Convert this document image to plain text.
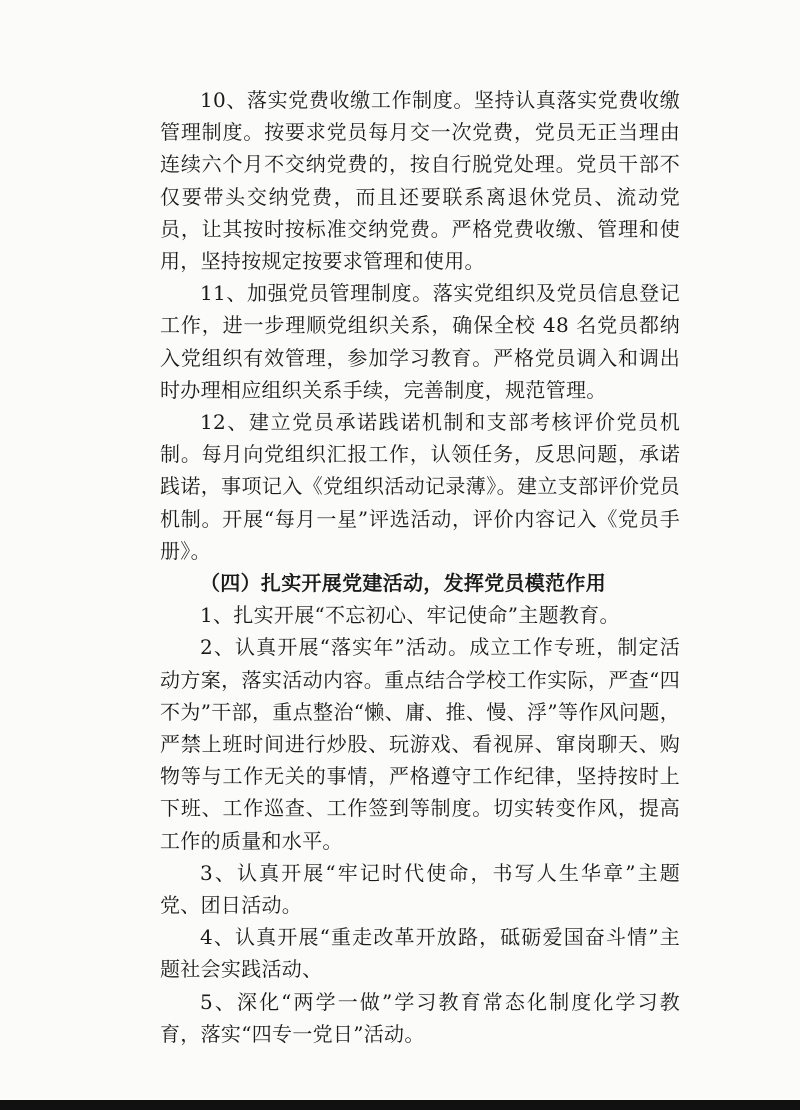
10、落实党费收缴工作制度。坚持认真落实党费收缴管理制度。按要求党员每月交一次党费，党员无正当理由连续六个月不交纳党费的，按自行脱党处理。党员干部不仅要带头交纳党费，而且还要联系离退休党员、流动党员，让其按时按标准交纳党费。严格党费收缴、管理和使用，坚持按规定按要求管理和使用。

11、加强党员管理制度。落实党组织及党员信息登记工作，进一步理顺党组织关系，确保全校 48 名党员都纳入党组织有效管理，参加学习教育。严格党员调入和调出时办理相应组织关系手续，完善制度，规范管理。

12、建立党员承诺践诺机制和支部考核评价党员机制。每月向党组织汇报工作，认领任务，反思问题，承诺践诺，事项记入《党组织活动记录薄》。建立支部评价党员机制。开展“每月一星”评选活动，评价内容记入《党员手册》。

（四）扎实开展党建活动，发挥党员模范作用

1、扎实开展“不忘初心、牢记使命”主题教育。

2、认真开展“落实年”活动。成立工作专班，制定活动方案，落实活动内容。重点结合学校工作实际，严查“四不为”干部，重点整治“懒、庸、推、慢、浮”等作风问题，严禁上班时间进行炒股、玩游戏、看视屏、窜岗聊天、购物等与工作无关的事情，严格遵守工作纪律，坚持按时上下班、工作巡查、工作签到等制度。切实转变作风，提高工作的质量和水平。

3、认真开展“牢记时代使命，书写人生华章”主题党、团日活动。

4、认真开展“重走改革开放路，砥砺爱国奋斗情”主题社会实践活动、

5、深化“两学一做”学习教育常态化制度化学习教育，落实“四专一党日”活动。
